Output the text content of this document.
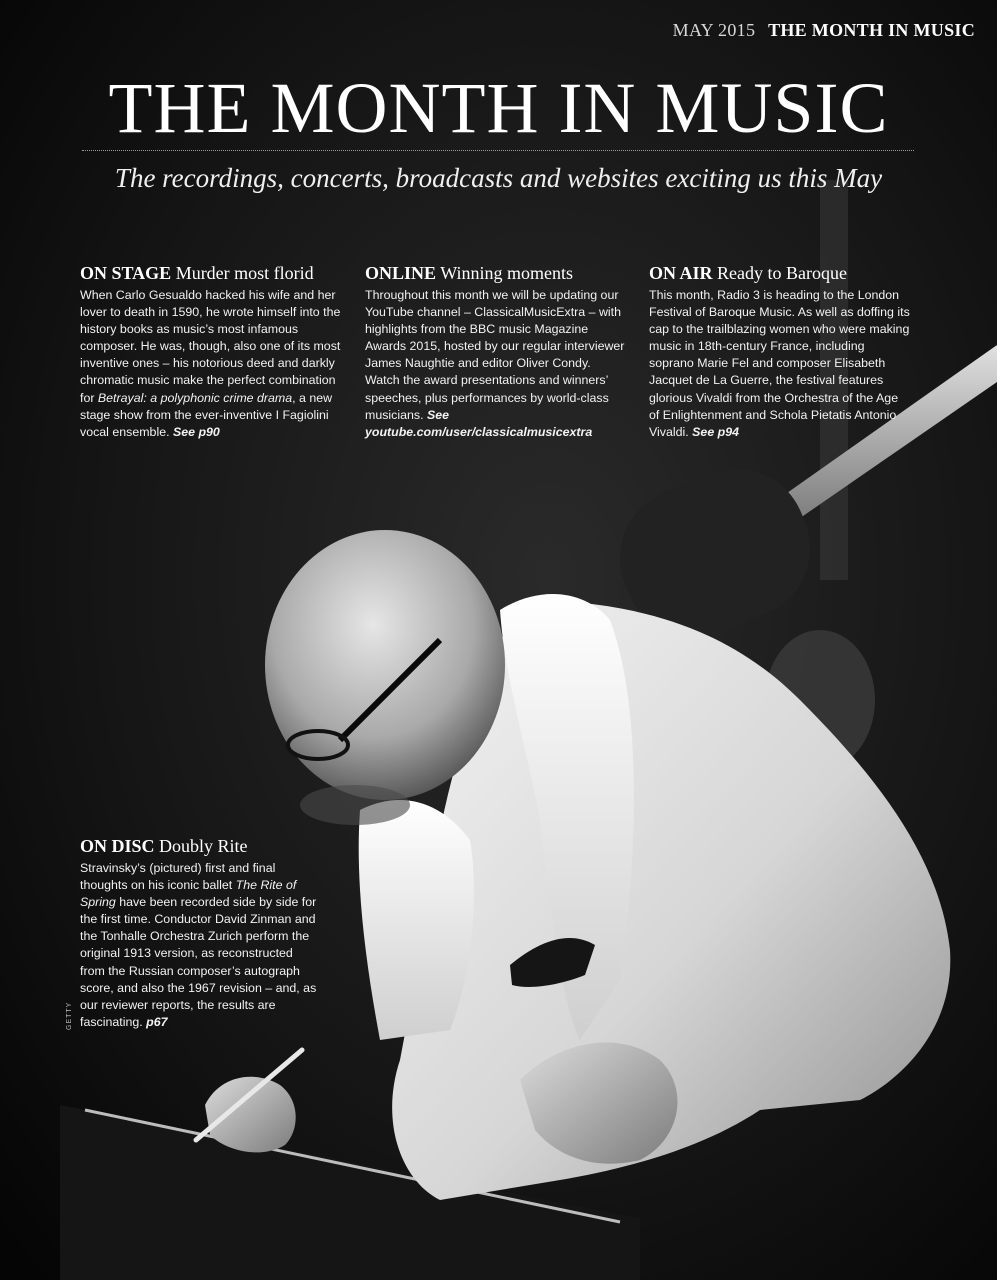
MAY 2015 THE MONTH IN MUSIC
THE MONTH IN MUSIC
The recordings, concerts, broadcasts and websites exciting us this May
ON STAGE Murder most florid

When Carlo Gesualdo hacked his wife and her lover to death in 1590, he wrote himself into the history books as music’s most infamous composer. He was, though, also one of its most inventive ones – his notorious deed and darkly chromatic music make the perfect combination for Betrayal: a polyphonic crime drama, a new stage show from the ever-inventive I Fagiolini vocal ensemble. See p90

ONLINE Winning moments

Throughout this month we will be updating our YouTube channel – ClassicalMusicExtra – with highlights from the BBC music Magazine Awards 2015, hosted by our regular interviewer James Naughtie and editor Oliver Condy. Watch the award presentations and winners’ speeches, plus performances by world-class musicians. See youtube.com/user/classicalmusicextra

ON AIR Ready to Baroque

This month, Radio 3 is heading to the London Festival of Baroque Music. As well as doffing its cap to the trailblazing women who were making music in 18th-century France, including soprano Marie Fel and composer Elisabeth Jacquet de La Guerre, the festival features glorious Vivaldi from the Orchestra of the Age of Enlightenment and Schola Pietatis Antonio Vivaldi. See p94

ON DISC Doubly Rite

Stravinsky’s (pictured) first and final thoughts on his iconic ballet The Rite of Spring have been recorded side by side for the first time. Conductor David Zinman and the Tonhalle Orchestra Zurich perform the original 1913 version, as reconstructed from the Russian composer’s autograph score, and also the 1967 revision – and, as our reviewer reports, the results are fascinating. p67

GETTY
